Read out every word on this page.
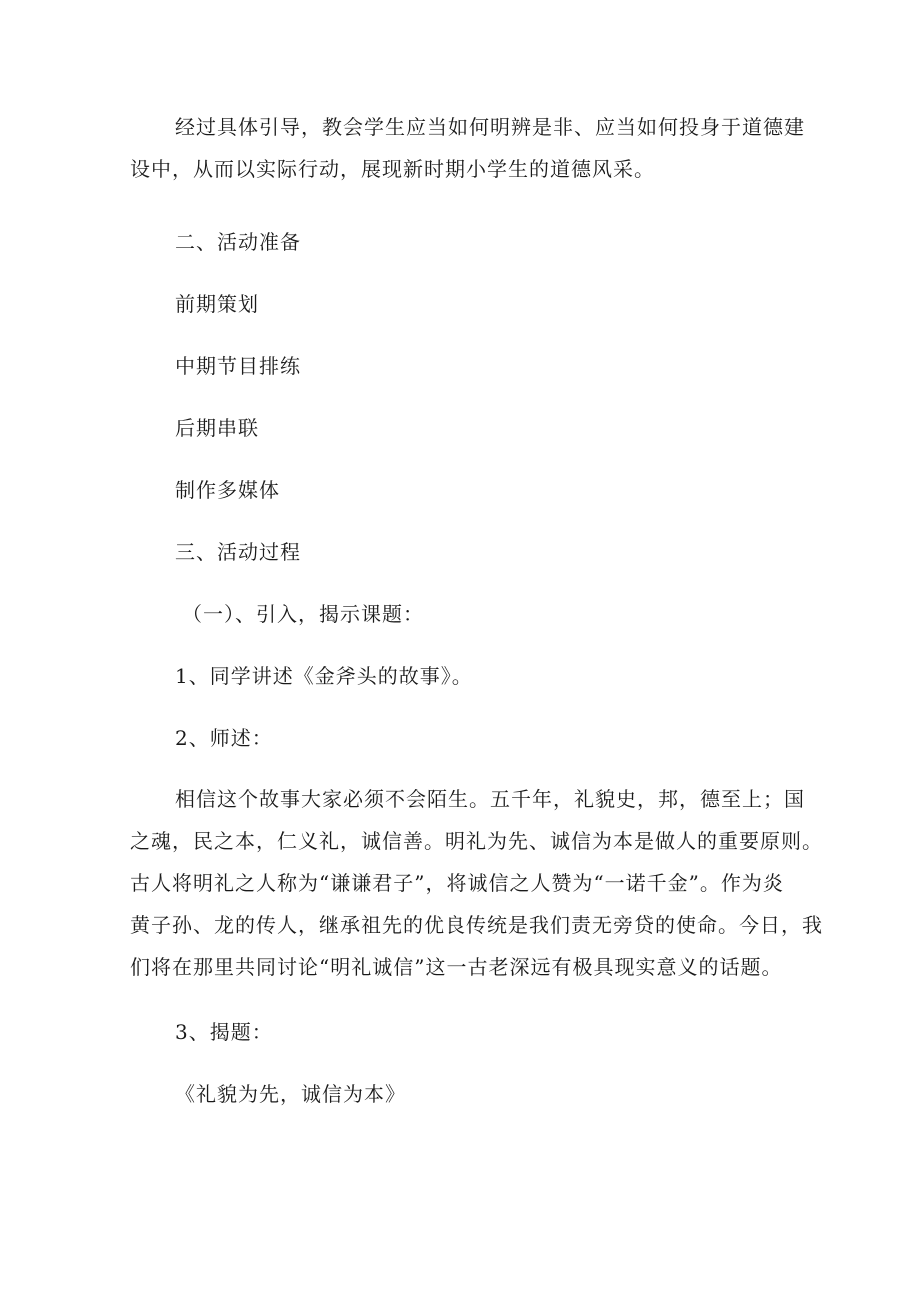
经过具体引导，教会学生应当如何明辨是非、应当如何投身于道德建
设中，从而以实际行动，展现新时期小学生的道德风采。
二、活动准备
前期策划
中期节目排练
后期串联
制作多媒体
三、活动过程
（一）、引入，揭示课题：
1、同学讲述《金斧头的故事》。
2、师述：
相信这个故事大家必须不会陌生。五千年，礼貌史，邦，德至上；国
之魂，民之本，仁义礼，诚信善。明礼为先、诚信为本是做人的重要原则。
古人将明礼之人称为“谦谦君子”，将诚信之人赞为“一诺千金”。作为炎
黄子孙、龙的传人，继承祖先的优良传统是我们责无旁贷的使命。今日，我
们将在那里共同讨论“明礼诚信”这一古老深远有极具现实意义的话题。
3、揭题：
《礼貌为先，诚信为本》
